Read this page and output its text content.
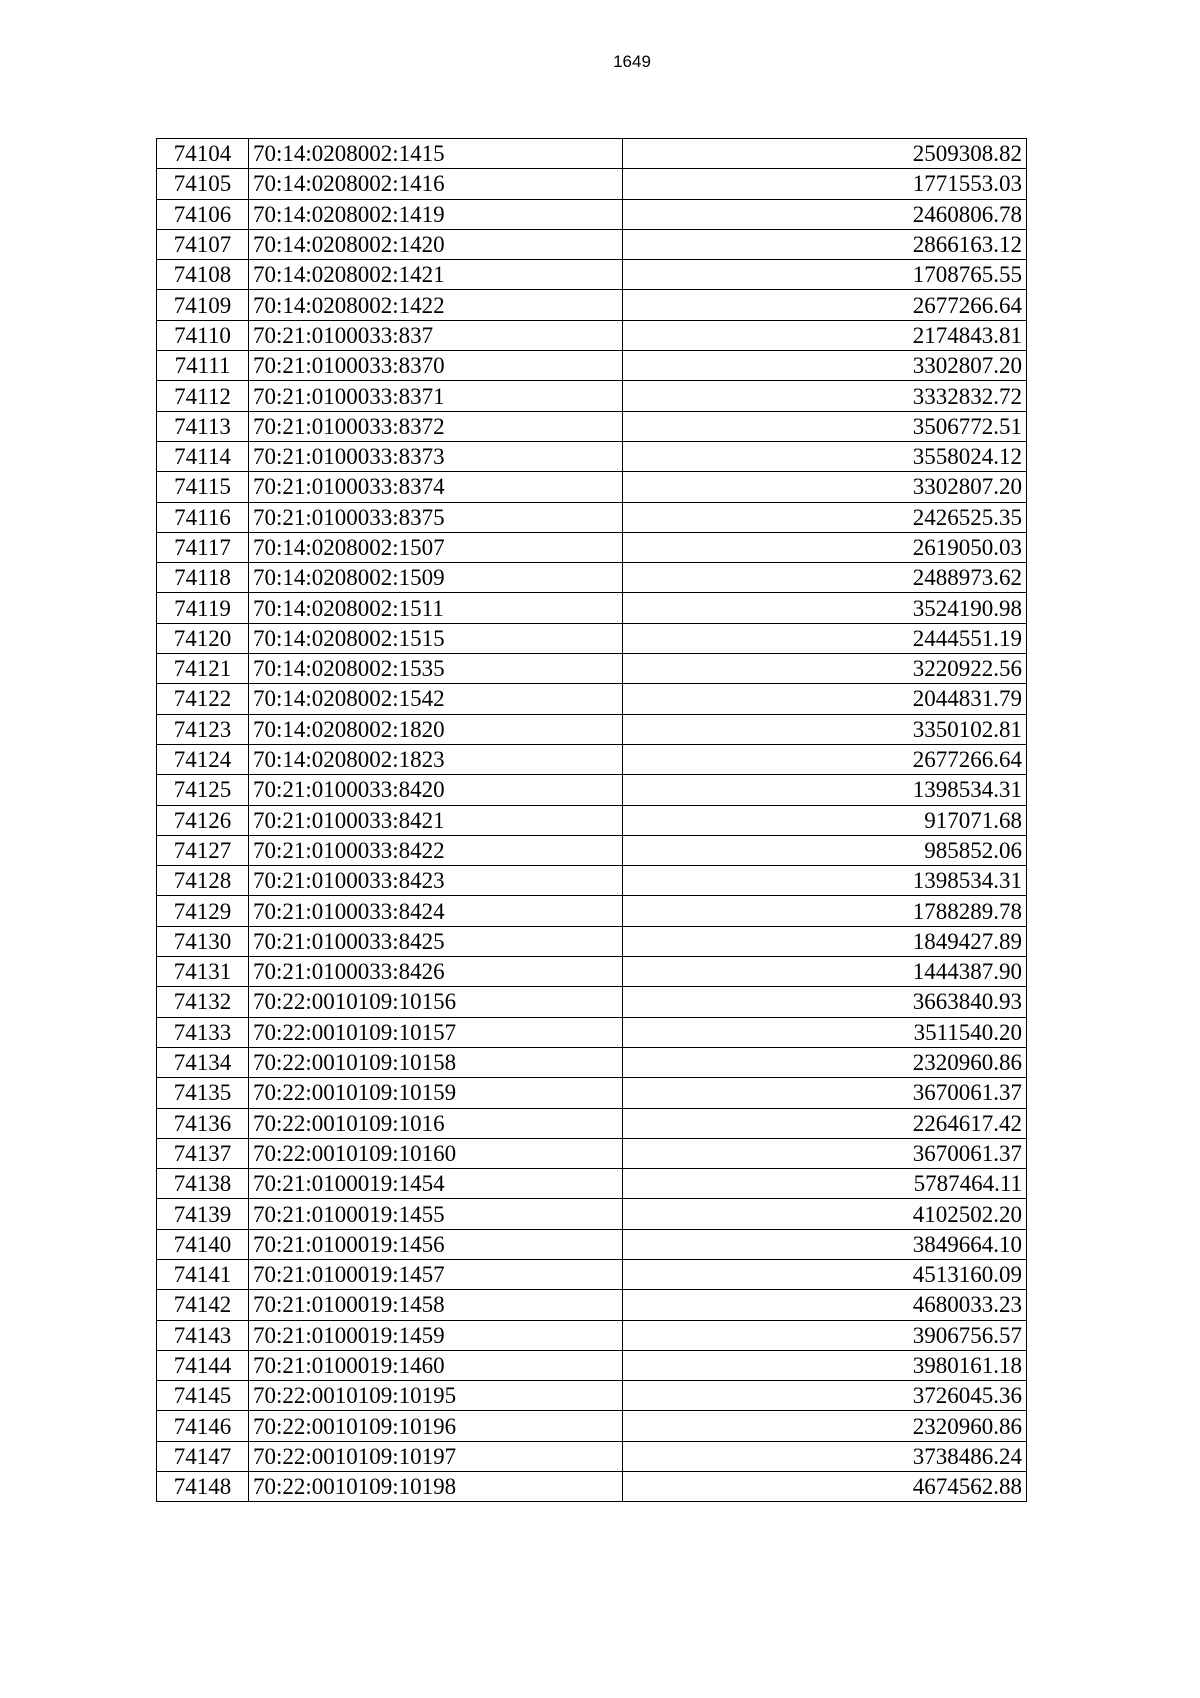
1649
74104	70:14:0208002:1415	2509308.82
74105	70:14:0208002:1416	1771553.03
74106	70:14:0208002:1419	2460806.78
74107	70:14:0208002:1420	2866163.12
74108	70:14:0208002:1421	1708765.55
74109	70:14:0208002:1422	2677266.64
74110	70:21:0100033:837	2174843.81
74111	70:21:0100033:8370	3302807.20
74112	70:21:0100033:8371	3332832.72
74113	70:21:0100033:8372	3506772.51
74114	70:21:0100033:8373	3558024.12
74115	70:21:0100033:8374	3302807.20
74116	70:21:0100033:8375	2426525.35
74117	70:14:0208002:1507	2619050.03
74118	70:14:0208002:1509	2488973.62
74119	70:14:0208002:1511	3524190.98
74120	70:14:0208002:1515	2444551.19
74121	70:14:0208002:1535	3220922.56
74122	70:14:0208002:1542	2044831.79
74123	70:14:0208002:1820	3350102.81
74124	70:14:0208002:1823	2677266.64
74125	70:21:0100033:8420	1398534.31
74126	70:21:0100033:8421	917071.68
74127	70:21:0100033:8422	985852.06
74128	70:21:0100033:8423	1398534.31
74129	70:21:0100033:8424	1788289.78
74130	70:21:0100033:8425	1849427.89
74131	70:21:0100033:8426	1444387.90
74132	70:22:0010109:10156	3663840.93
74133	70:22:0010109:10157	3511540.20
74134	70:22:0010109:10158	2320960.86
74135	70:22:0010109:10159	3670061.37
74136	70:22:0010109:1016	2264617.42
74137	70:22:0010109:10160	3670061.37
74138	70:21:0100019:1454	5787464.11
74139	70:21:0100019:1455	4102502.20
74140	70:21:0100019:1456	3849664.10
74141	70:21:0100019:1457	4513160.09
74142	70:21:0100019:1458	4680033.23
74143	70:21:0100019:1459	3906756.57
74144	70:21:0100019:1460	3980161.18
74145	70:22:0010109:10195	3726045.36
74146	70:22:0010109:10196	2320960.86
74147	70:22:0010109:10197	3738486.24
74148	70:22:0010109:10198	4674562.88
